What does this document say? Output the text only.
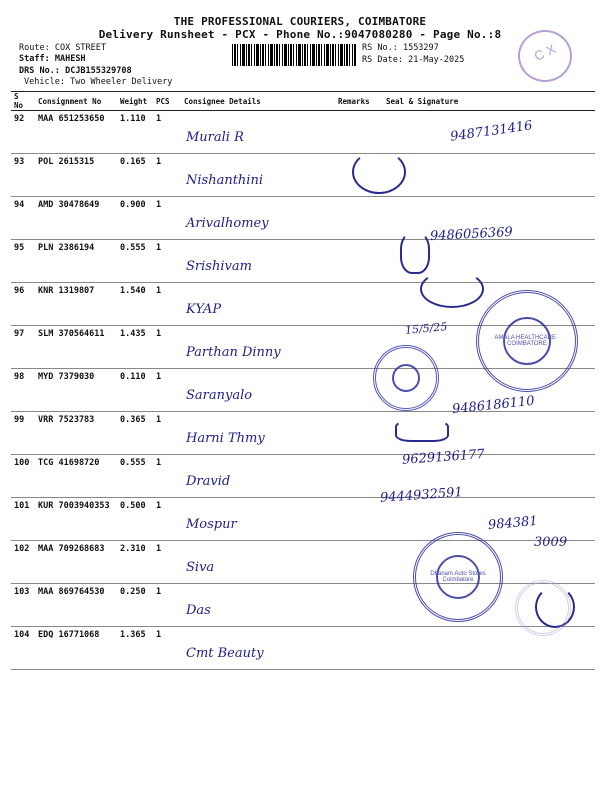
THE PROFESSIONAL COURIERS, COIMBATORE
Delivery Runsheet - PCX - Phone No.:9047080280 - Page No.:8
Route: COX STREET
Staff: MAHESH
DRS No.: DCJB155329708
Vehicle: Two Wheeler Delivery
RS No.: 1553297
RS Date: 21-May-2025	C X
S No	Consignment No	Weight	PCS	Consignee Details	Remarks	Seal & Signature
92	MAA 651253650	1.110	1	Murali R		
93	POL 2615315	0.165	1	Nishanthini		
94	AMD 30478649	0.900	1	Arivalhomey		
95	PLN 2386194	0.555	1	Srishivam		
96	KNR 1319807	1.540	1	KYAP		
97	SLM 370564611	1.435	1	Parthan Dinny		
98	MYD 7379030	0.110	1	Saranyalo		
99	VRR 7523783	0.365	1	Harni Thmy		
100	TCG 41698720	0.555	1	Dravid		
101	KUR 7003940353	0.500	1	Mospur		
102	MAA 709268683	2.310	1	Siva		
103	MAA 869764530	0.250	1	Das		
104	EDQ 16771068	1.365	1	Cmt Beauty		
9487131416
9486056369
15/5/25
9486186110
9629136177
9444932591
984381
3009
AMALA HEALTHCARE · COIMBATORE
Dhanam Auto Stores Coimbatore
